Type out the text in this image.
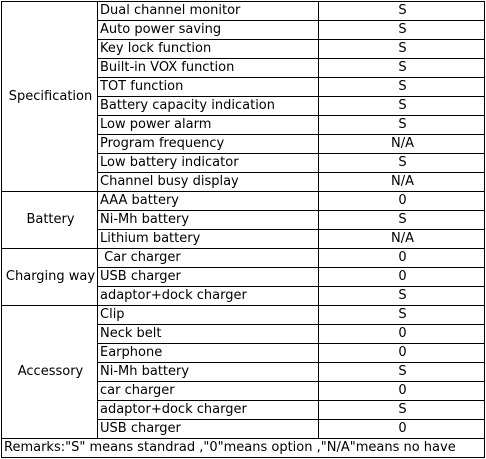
Specification	Dual channel monitor	S
	Auto power saving	S
	Key lock function	S
	Built-in VOX function	S
	TOT function	S
	Battery capacity indication	S
	Low power alarm	S
	Program frequency	N/A
	Low battery indicator	S
	Channel busy display	N/A
Battery	AAA battery	0
	Ni-Mh battery	S
	Lithium battery	N/A
Charging way	Car charger	0
	USB charger	0
	adaptor+dock charger	S
Accessory	Clip	S
	Neck belt	0
	Earphone	0
	Ni-Mh battery	S
	car charger	0
	adaptor+dock charger	S
	USB charger	0
Remarks:"S" means standrad ,"0"means option ,"N/A"means no have		
